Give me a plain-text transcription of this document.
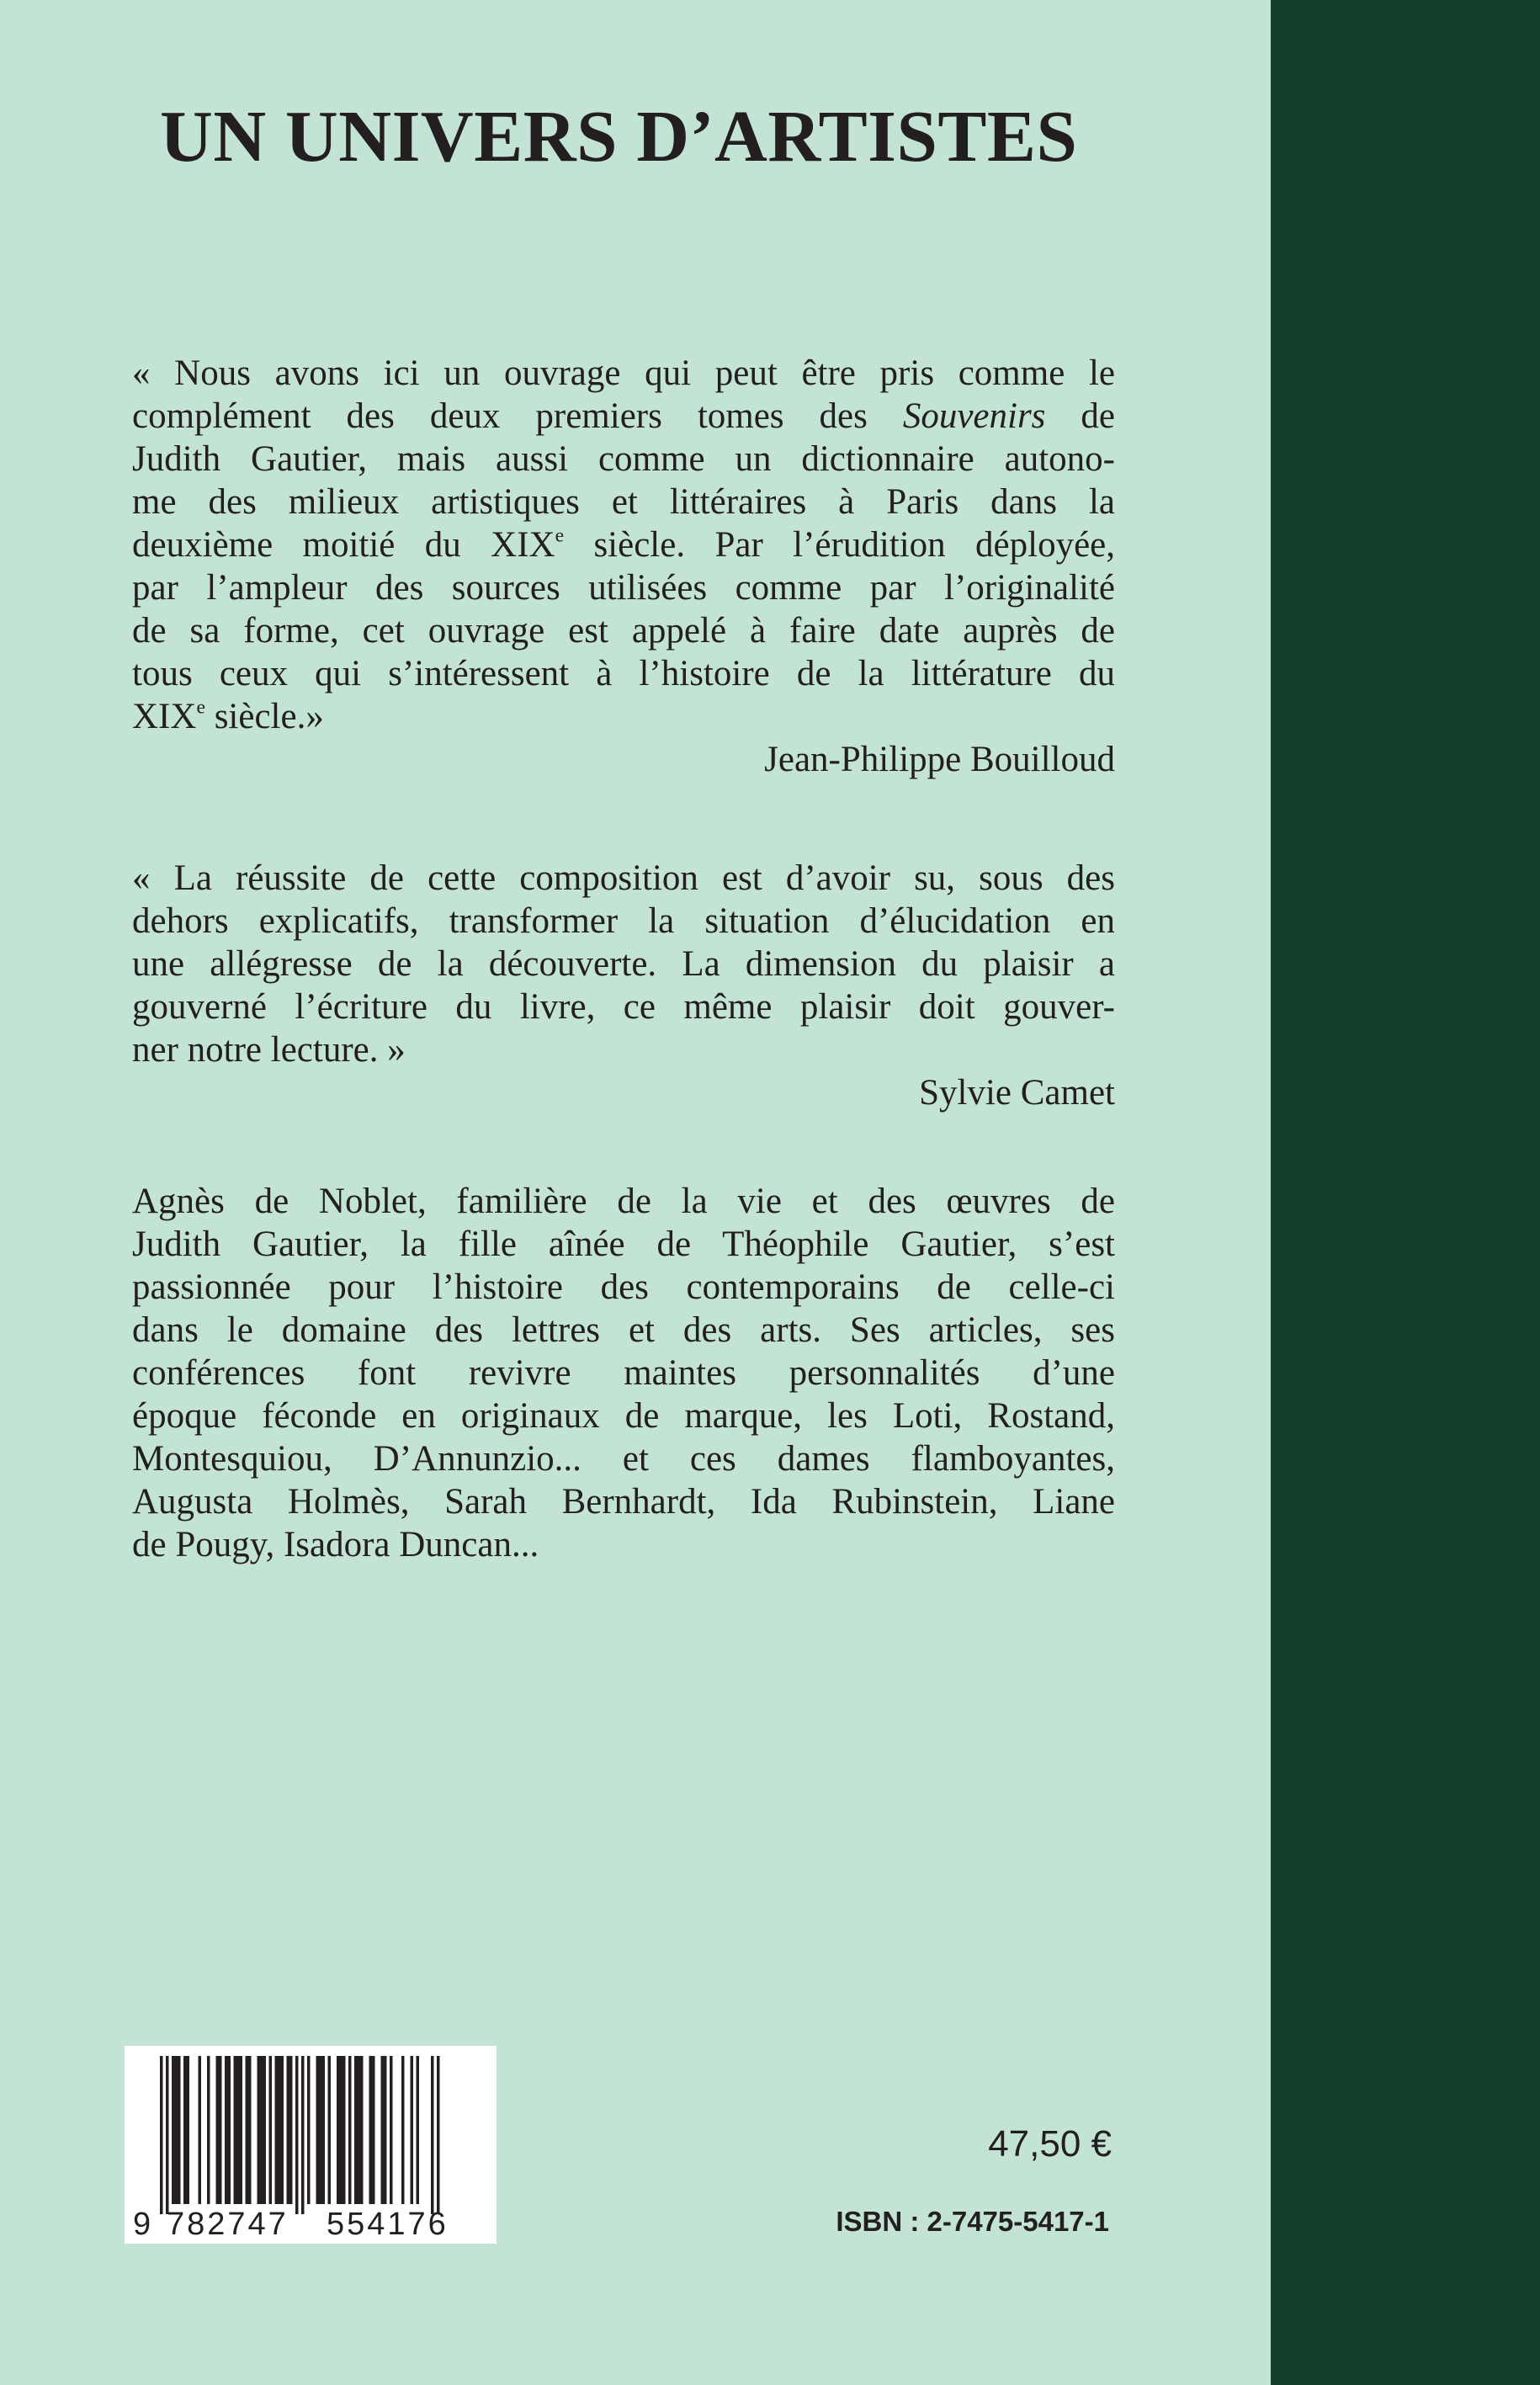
UN UNIVERS D’ARTISTES
« Nous avons ici un ouvrage qui peut être pris comme le
complément des deux premiers tomes des Souvenirs de
Judith Gautier, mais aussi comme un dictionnaire autono-
me des milieux artistiques et littéraires à Paris dans la
deuxième moitié du XIXe siècle. Par l’érudition déployée,
par l’ampleur des sources utilisées comme par l’originalité
de sa forme, cet ouvrage est appelé à faire date auprès de
tous ceux qui s’intéressent à l’histoire de la littérature du
XIXe siècle.»
Jean-Philippe Bouilloud
« La réussite de cette composition est d’avoir su, sous des
dehors explicatifs, transformer la situation d’élucidation en
une allégresse de la découverte. La dimension du plaisir a
gouverné l’écriture du livre, ce même plaisir doit gouver-
ner notre lecture. »
Sylvie Camet
Agnès de Noblet, familière de la vie et des œuvres de
Judith Gautier, la fille aînée de Théophile Gautier, s’est
passionnée pour l’histoire des contemporains de celle-ci
dans le domaine des lettres et des arts. Ses articles, ses
conférences font revivre maintes personnalités d’une
époque féconde en originaux de marque, les Loti, Rostand,
Montesquiou, D’Annunzio... et ces dames flamboyantes,
Augusta Holmès, Sarah Bernhardt, Ida Rubinstein, Liane
de Pougy, Isadora Duncan...
9 782747 554176
47,50 €
ISBN : 2-7475-5417-1
